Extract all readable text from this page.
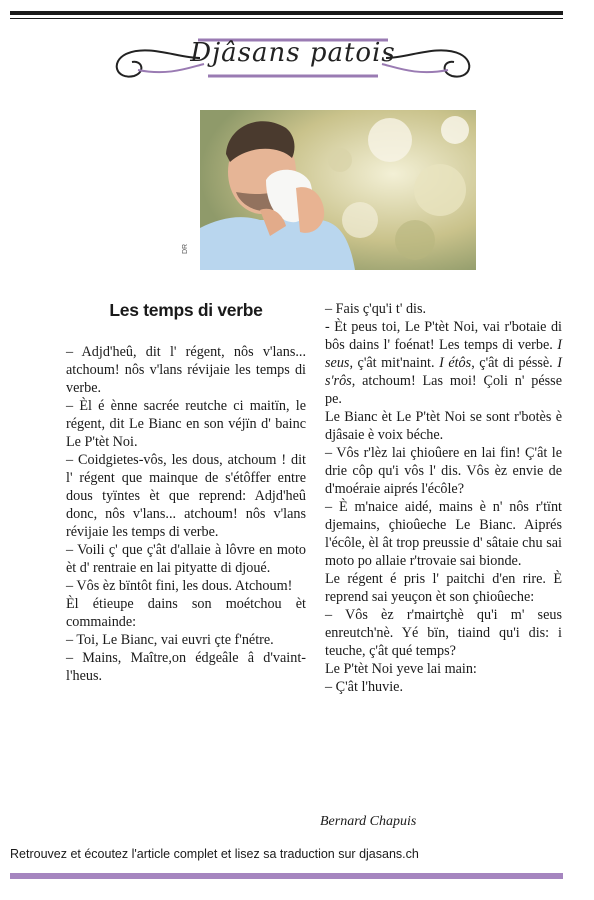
Djâsans patois
DR
Les temps di verbe

– Adjd'heû, dit l' régent, nôs v'lans... atchoum! nôs v'lans révijaie les temps di verbe.

– Èl é ènne sacrée reutche ci maitïn, le régent, dit Le Bianc en son véjïn d' bainc Le P'tèt Noi.

– Coidgietes-vôs, les dous, atchoum ! dit l' régent que mainque de s'étôffer entre dous tyïntes èt que reprend: Adjd'heû donc, nôs v'lans... atchoum! nôs v'lans révijaie les temps di verbe.

– Voili ç' que ç'ât d'allaie à lôvre en moto èt d' rentraie en lai pityatte di djoué.

– Vôs èz bïntôt fini, les dous. Atchoum!

Èl étieupe dains son moétchou èt commainde:

– Toi, Le Bianc, vai euvri çte f'nétre.

– Mains, Maître,on édgeâle â d'vaint-l'heus.

– Fais ç'qu'i t' dis.

- Èt peus toi, Le P'tèt Noi, vai r'botaie di bôs dains l' foénat! Les temps di verbe. I seus, ç'ât mit'naint. I étôs, ç'ât di péssè. I s'rôs, atchoum! Las moi! Çoli n' pésse pe.

Le Bianc èt Le P'tèt Noi se sont r'botès è djâsaie è voix béche.

– Vôs r'lèz lai çhioûere en lai fin! Ç'ât le drie côp qu'i vôs l' dis. Vôs èz envie de d'moéraie aiprés l'écôle?

– È m'naice aidé, mains è n' nôs r'tïnt djemains, çhioûeche Le Bianc. Aiprés l'écôle, èl ât trop preussie d' sâtaie chu sai moto po allaie r'trovaie sai bionde.

Le régent é pris l' paitchi d'en rire. È reprend sai yeuçon èt son çhioûeche:

– Vôs èz r'mairtçhè qu'i m' seus enreutch'nè. Yé bïn, tiaind qu'i dis: i teuche, ç'ât qué temps?

Le P'tèt Noi yeve lai main:

– Ç'ât l'huvie.

Bernard Chapuis
Retrouvez et écoutez l'article complet et lisez sa traduction sur djasans.ch
